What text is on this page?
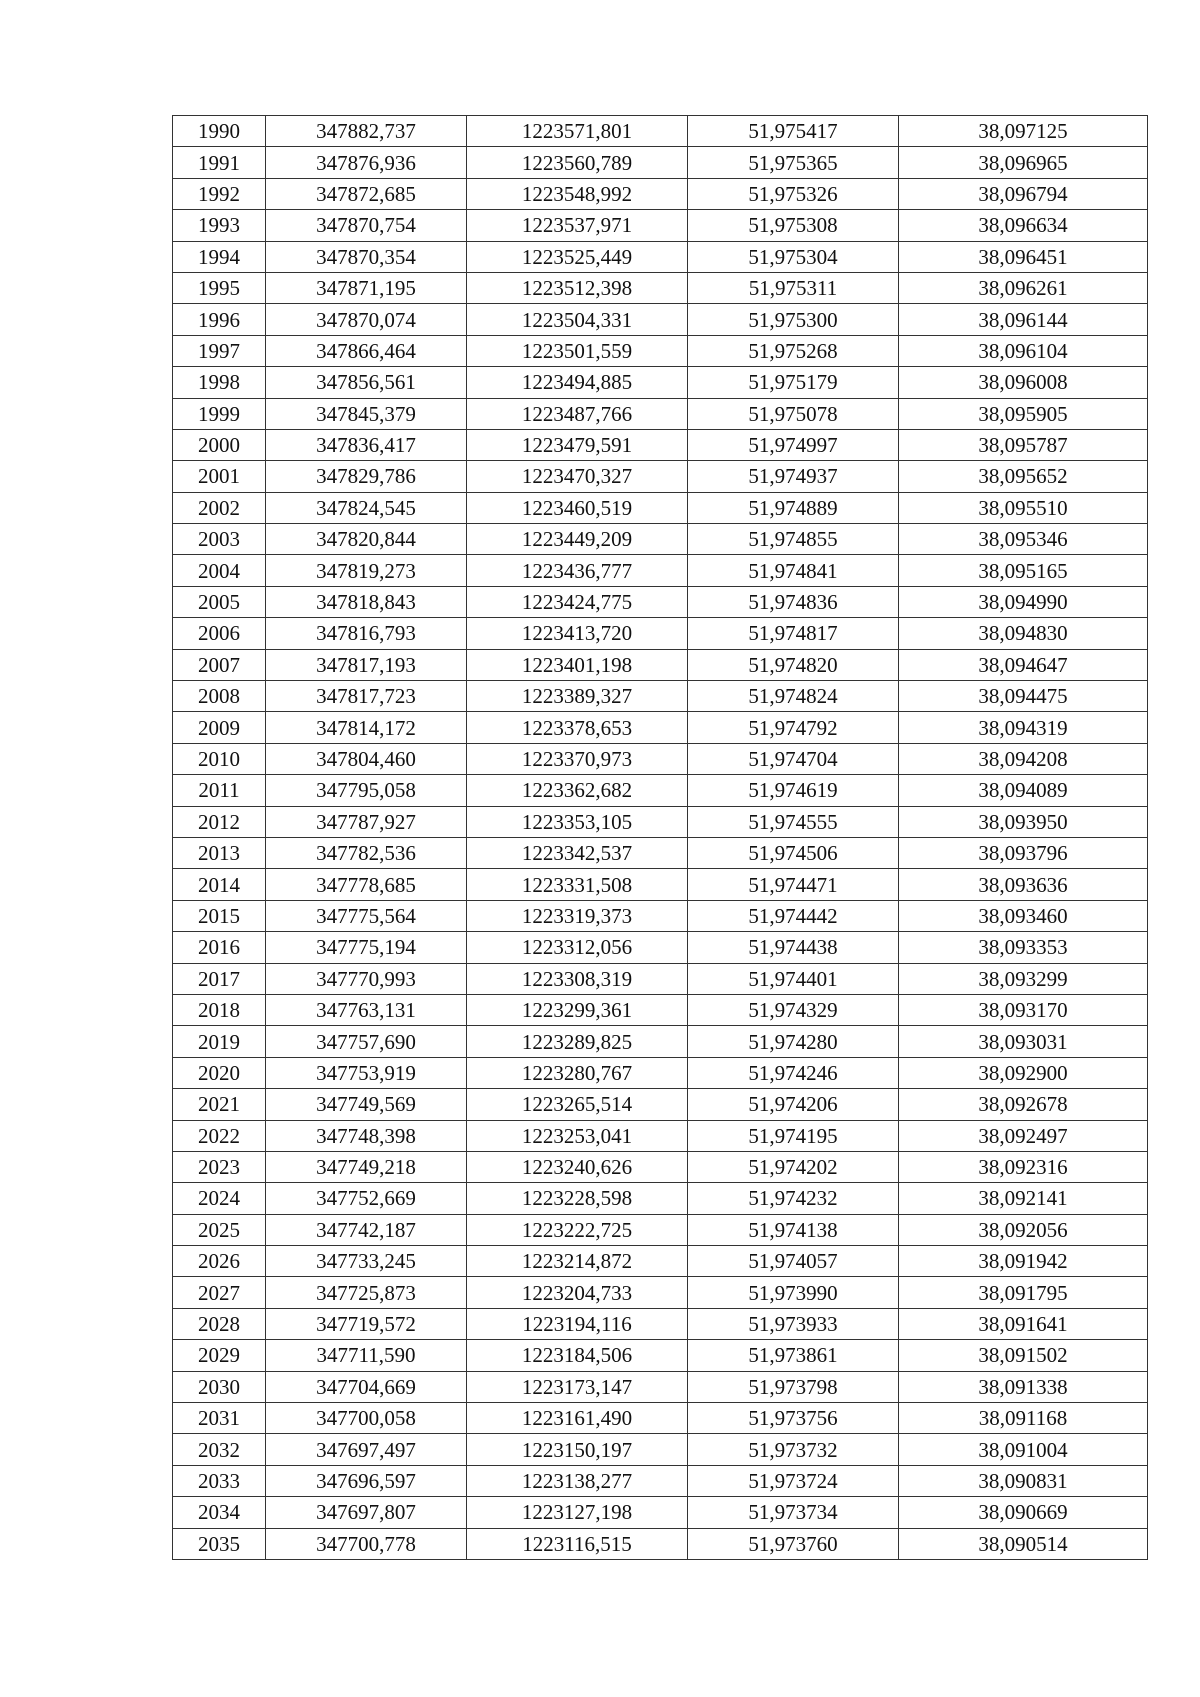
1990	347882,737	1223571,801	51,975417	38,097125
1991	347876,936	1223560,789	51,975365	38,096965
1992	347872,685	1223548,992	51,975326	38,096794
1993	347870,754	1223537,971	51,975308	38,096634
1994	347870,354	1223525,449	51,975304	38,096451
1995	347871,195	1223512,398	51,975311	38,096261
1996	347870,074	1223504,331	51,975300	38,096144
1997	347866,464	1223501,559	51,975268	38,096104
1998	347856,561	1223494,885	51,975179	38,096008
1999	347845,379	1223487,766	51,975078	38,095905
2000	347836,417	1223479,591	51,974997	38,095787
2001	347829,786	1223470,327	51,974937	38,095652
2002	347824,545	1223460,519	51,974889	38,095510
2003	347820,844	1223449,209	51,974855	38,095346
2004	347819,273	1223436,777	51,974841	38,095165
2005	347818,843	1223424,775	51,974836	38,094990
2006	347816,793	1223413,720	51,974817	38,094830
2007	347817,193	1223401,198	51,974820	38,094647
2008	347817,723	1223389,327	51,974824	38,094475
2009	347814,172	1223378,653	51,974792	38,094319
2010	347804,460	1223370,973	51,974704	38,094208
2011	347795,058	1223362,682	51,974619	38,094089
2012	347787,927	1223353,105	51,974555	38,093950
2013	347782,536	1223342,537	51,974506	38,093796
2014	347778,685	1223331,508	51,974471	38,093636
2015	347775,564	1223319,373	51,974442	38,093460
2016	347775,194	1223312,056	51,974438	38,093353
2017	347770,993	1223308,319	51,974401	38,093299
2018	347763,131	1223299,361	51,974329	38,093170
2019	347757,690	1223289,825	51,974280	38,093031
2020	347753,919	1223280,767	51,974246	38,092900
2021	347749,569	1223265,514	51,974206	38,092678
2022	347748,398	1223253,041	51,974195	38,092497
2023	347749,218	1223240,626	51,974202	38,092316
2024	347752,669	1223228,598	51,974232	38,092141
2025	347742,187	1223222,725	51,974138	38,092056
2026	347733,245	1223214,872	51,974057	38,091942
2027	347725,873	1223204,733	51,973990	38,091795
2028	347719,572	1223194,116	51,973933	38,091641
2029	347711,590	1223184,506	51,973861	38,091502
2030	347704,669	1223173,147	51,973798	38,091338
2031	347700,058	1223161,490	51,973756	38,091168
2032	347697,497	1223150,197	51,973732	38,091004
2033	347696,597	1223138,277	51,973724	38,090831
2034	347697,807	1223127,198	51,973734	38,090669
2035	347700,778	1223116,515	51,973760	38,090514
